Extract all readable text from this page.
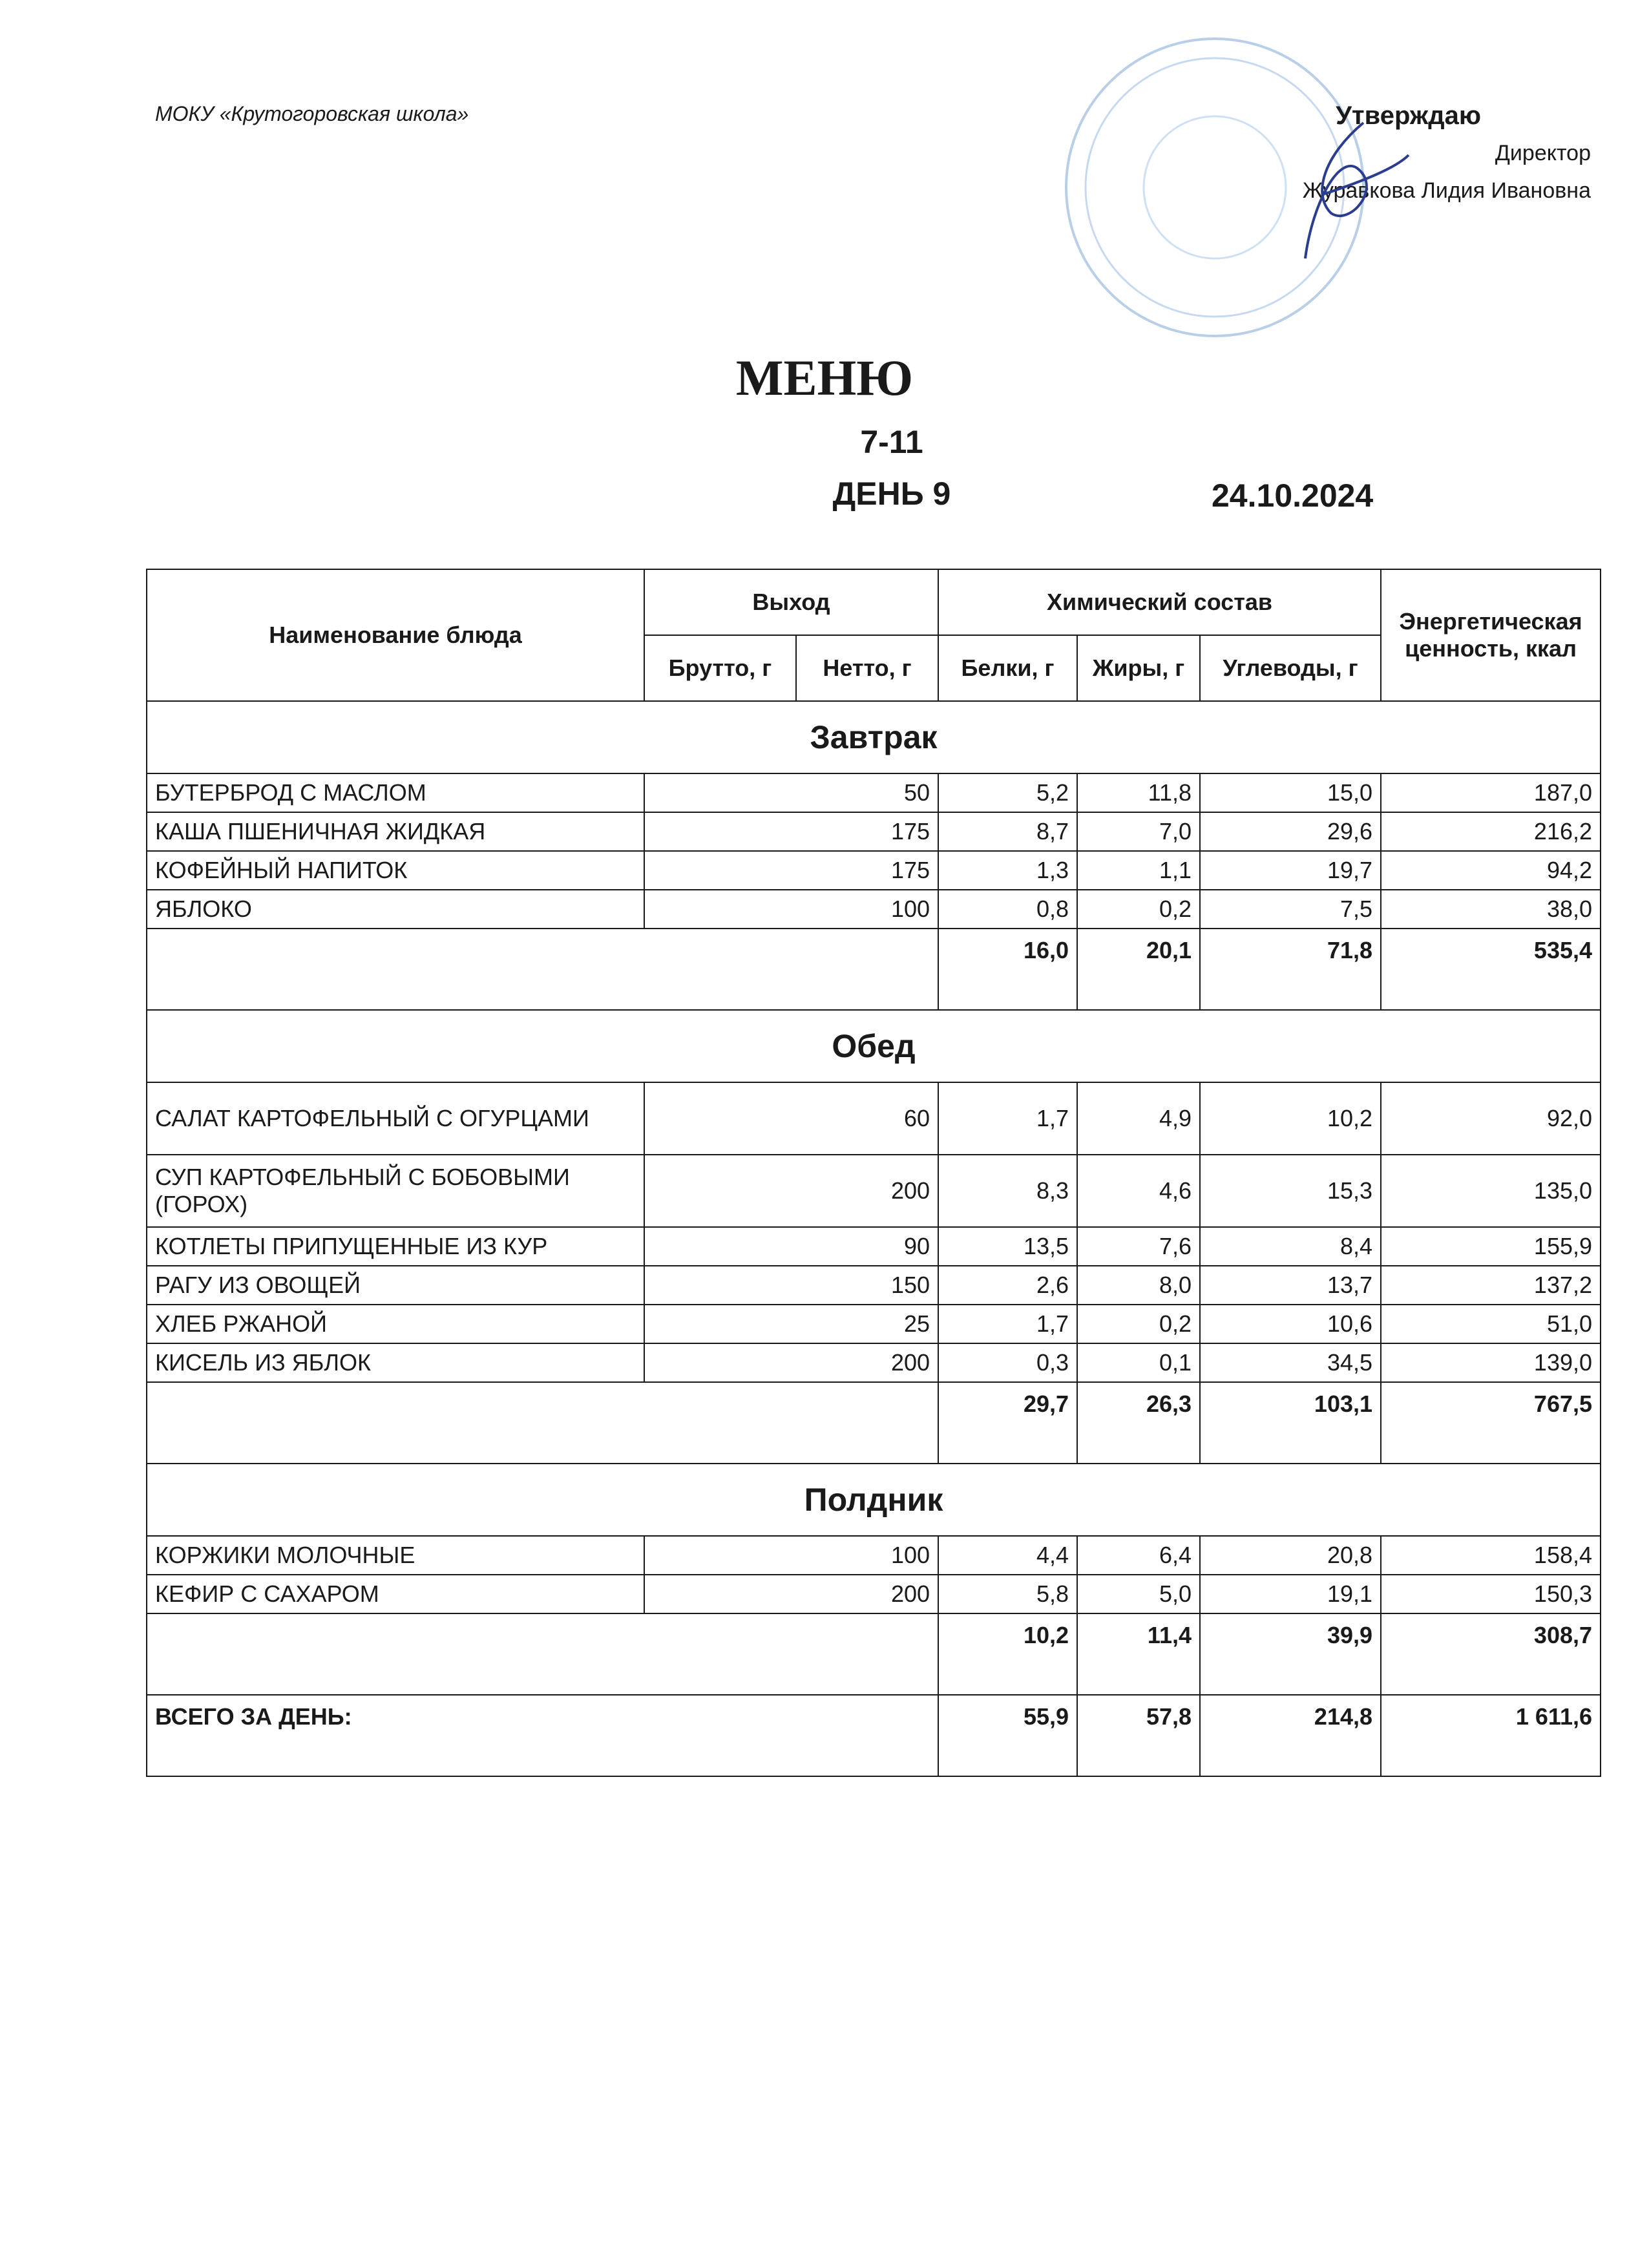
МОКУ «Крутогоровская школа»	Утверждаю
Директор
Журавкова Лидия Ивановна
МЕНЮ
7-11
ДЕНЬ 9	24.10.2024
Наименование блюда	Выход		Химический состав			Энергетическая ценность, ккал
	Брутто, г	Нетто, г	Белки, г	Жиры, г	Углеводы, г	
Завтрак						
БУТЕРБРОД С МАСЛОМ	50		5,2	11,8	15,0	187,0
КАША ПШЕНИЧНАЯ ЖИДКАЯ	175		8,7	7,0	29,6	216,2
КОФЕЙНЫЙ НАПИТОК	175		1,3	1,1	19,7	94,2
ЯБЛОКО	100		0,8	0,2	7,5	38,0
			16,0	20,1	71,8	535,4
Обед						
САЛАТ КАРТОФЕЛЬНЫЙ С ОГУРЦАМИ	60		1,7	4,9	10,2	92,0
СУП КАРТОФЕЛЬНЫЙ С БОБОВЫМИ (ГОРОХ)	200		8,3	4,6	15,3	135,0
КОТЛЕТЫ ПРИПУЩЕННЫЕ ИЗ КУР	90		13,5	7,6	8,4	155,9
РАГУ ИЗ ОВОЩЕЙ	150		2,6	8,0	13,7	137,2
ХЛЕБ РЖАНОЙ	25		1,7	0,2	10,6	51,0
КИСЕЛЬ ИЗ ЯБЛОК	200		0,3	0,1	34,5	139,0
			29,7	26,3	103,1	767,5
Полдник						
КОРЖИКИ МОЛОЧНЫЕ	100		4,4	6,4	20,8	158,4
КЕФИР С САХАРОМ	200		5,8	5,0	19,1	150,3
			10,2	11,4	39,9	308,7
ВСЕГО ЗА ДЕНЬ:			55,9	57,8	214,8	1 611,6
